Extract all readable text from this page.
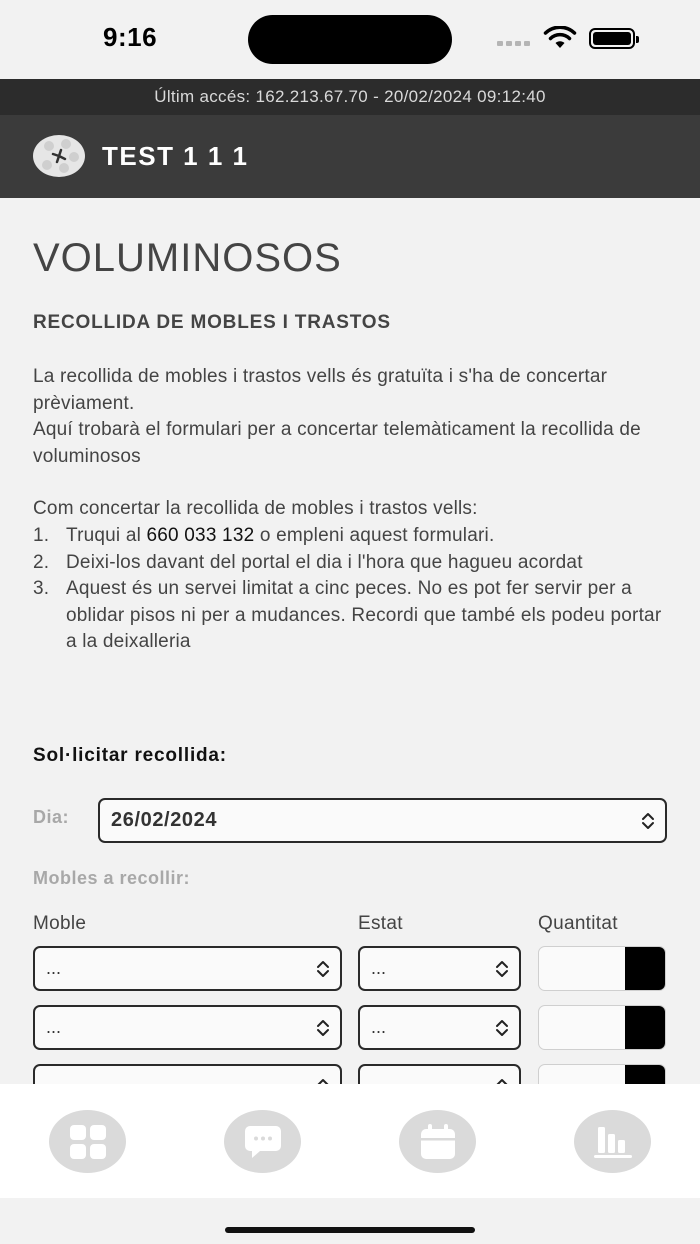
9:16
Últim accés: 162.213.67.70 - 20/02/2024 09:12:40
TEST 1 1 1
VOLUMINOSOS
RECOLLIDA DE MOBLES I TRASTOS
La recollida de mobles i trastos vells és gratuïta i s'ha de concertar prèviament.
Aquí trobarà el formulari per a concertar telemàticament la recollida de voluminosos
Com concertar la recollida de mobles i trastos vells:
1. Truqui al 660 033 132 o empleni aquest formulari.
2. Deixi-los davant del portal el dia i l'hora que hagueu acordat
3. Aquest és un servei limitat a cinc peces. No es pot fer servir per a oblidar pisos ni per a mudances. Recordi que també els podeu portar a la deixalleria
Sol·licitar recollida:
Dia: 26/02/2024
Mobles a recollir:
Moble	Estat	Quantitat
...	...
...	...
